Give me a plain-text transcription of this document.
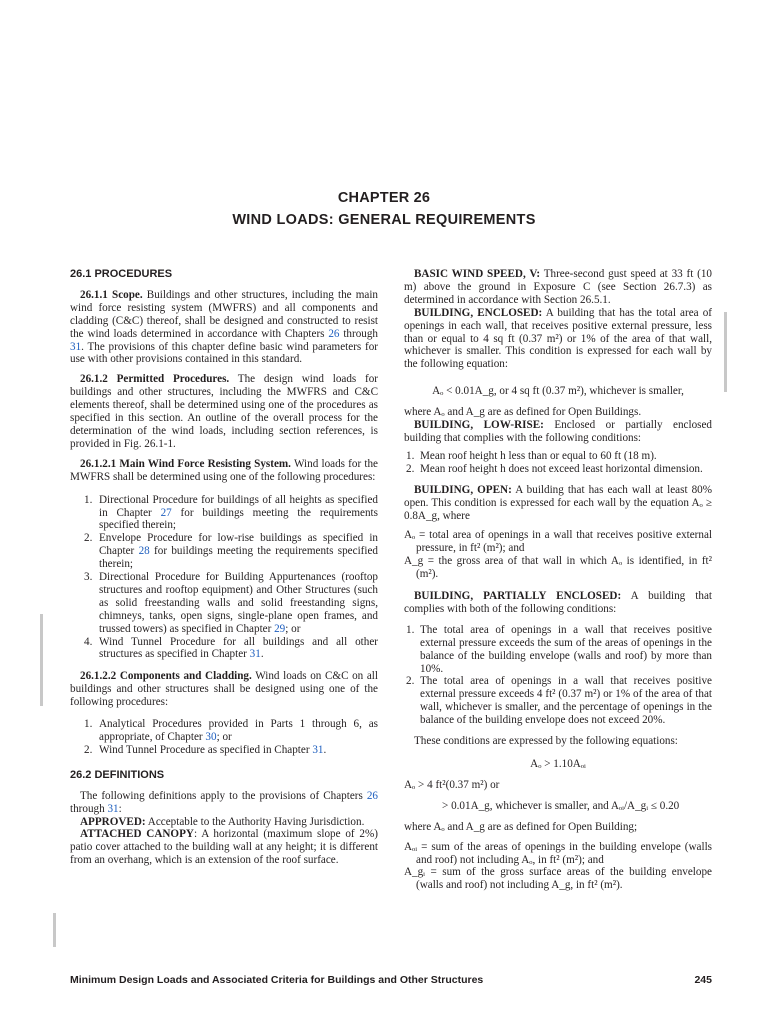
CHAPTER 26
WIND LOADS: GENERAL REQUIREMENTS
26.1 PROCEDURES

26.1.1 Scope. Buildings and other structures, including the main wind force resisting system (MWFRS) and all components and cladding (C&C) thereof, shall be designed and constructed to resist the wind loads determined in accordance with Chapters 26 through 31. The provisions of this chapter define basic wind parameters for use with other provisions contained in this standard.

26.1.2 Permitted Procedures. The design wind loads for buildings and other structures, including the MWFRS and C&C elements thereof, shall be determined using one of the procedures as specified in this section. An outline of the overall process for the determination of the wind loads, including section references, is provided in Fig. 26.1-1.

26.1.2.1 Main Wind Force Resisting System. Wind loads for the MWFRS shall be determined using one of the following procedures:

1. Directional Procedure for buildings of all heights as specified in Chapter 27 for buildings meeting the requirements specified therein;
2. Envelope Procedure for low-rise buildings as specified in Chapter 28 for buildings meeting the requirements specified therein;
3. Directional Procedure for Building Appurtenances (rooftop structures and rooftop equipment) and Other Structures (such as solid freestanding walls and solid freestanding signs, chimneys, tanks, open signs, single-plane open frames, and trussed towers) as specified in Chapter 29; or
4. Wind Tunnel Procedure for all buildings and all other structures as specified in Chapter 31.

26.1.2.2 Components and Cladding. Wind loads on C&C on all buildings and other structures shall be designed using one of the following procedures:

1. Analytical Procedures provided in Parts 1 through 6, as appropriate, of Chapter 30; or
2. Wind Tunnel Procedure as specified in Chapter 31.
26.2 DEFINITIONS

The following definitions apply to the provisions of Chapters 26 through 31:

APPROVED: Acceptable to the Authority Having Jurisdiction.

ATTACHED CANOPY: A horizontal (maximum slope of 2%) patio cover attached to the building wall at any height; it is different from an overhang, which is an extension of the roof surface.

BASIC WIND SPEED, V: Three-second gust speed at 33 ft (10 m) above the ground in Exposure C (see Section 26.7.3) as determined in accordance with Section 26.5.1.

BUILDING, ENCLOSED: A building that has the total area of openings in each wall, that receives positive external pressure, less than or equal to 4 sq ft (0.37 m²) or 1% of the area of that wall, whichever is smaller. This condition is expressed for each wall by the following equation:

Aₒ < 0.01A_g, or 4 sq ft (0.37 m²), whichever is smaller,

where Aₒ and A_g are as defined for Open Buildings.

BUILDING, LOW-RISE: Enclosed or partially enclosed building that complies with the following conditions:

1. Mean roof height h less than or equal to 60 ft (18 m).
2. Mean roof height h does not exceed least horizontal dimension.

BUILDING, OPEN: A building that has each wall at least 80% open. This condition is expressed for each wall by the equation Aₒ ≥ 0.8A_g, where

Aₒ = total area of openings in a wall that receives positive external pressure, in ft² (m²); and

A_g = the gross area of that wall in which Aₒ is identified, in ft² (m²).

BUILDING, PARTIALLY ENCLOSED: A building that complies with both of the following conditions:

1. The total area of openings in a wall that receives positive external pressure exceeds the sum of the areas of openings in the balance of the building envelope (walls and roof) by more than 10%.
2. The total area of openings in a wall that receives positive external pressure exceeds 4 ft² (0.37 m²) or 1% of the area of that wall, whichever is smaller, and the percentage of openings in the balance of the building envelope does not exceed 20%.

These conditions are expressed by the following equations:

Aₒ > 1.10Aₒᵢ
Aₒ > 4 ft²(0.37 m²) or
> 0.01A_g, whichever is smaller, and Aₒᵢ/A_gᵢ ≤ 0.20

where Aₒ and A_g are as defined for Open Building;

Aₒᵢ = sum of the areas of openings in the building envelope (walls and roof) not including Aₒ, in ft² (m²); and

A_gᵢ = sum of the gross surface areas of the building envelope (walls and roof) not including A_g, in ft² (m²).

Minimum Design Loads and Associated Criteria for Buildings and Other Structures	245
